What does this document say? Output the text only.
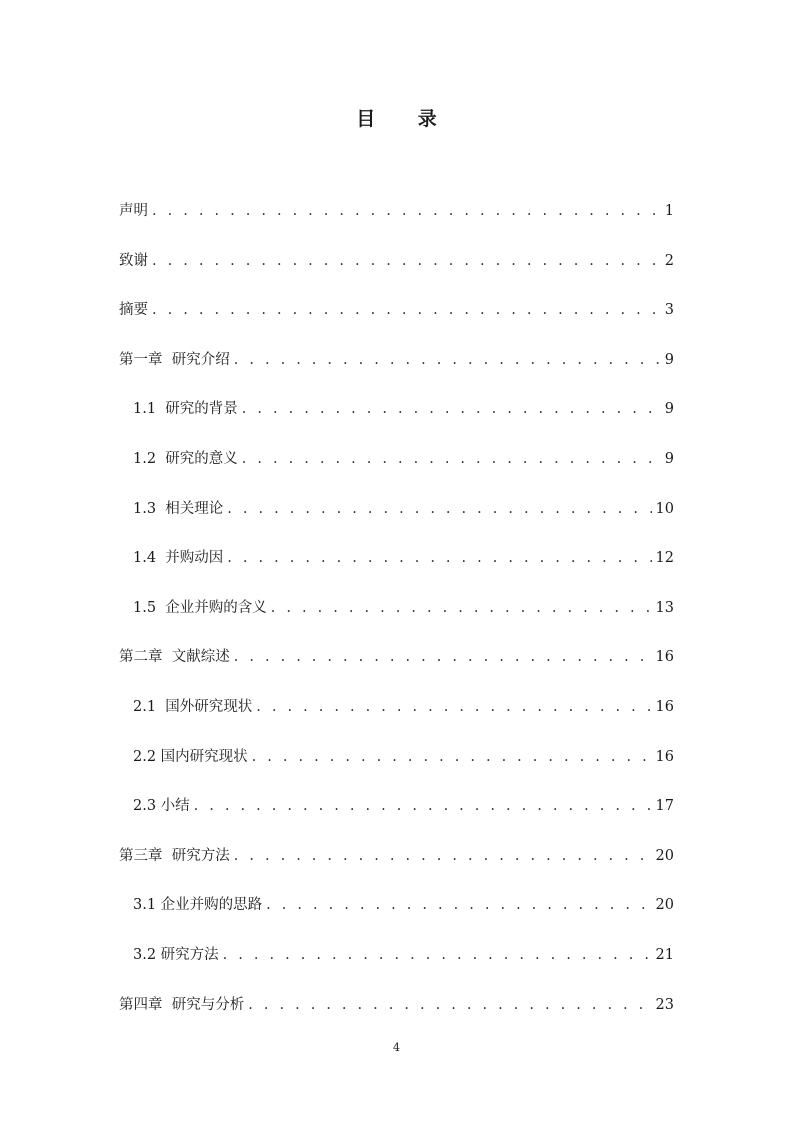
目 录
声明 . . .	1
致谢 . . .	2
摘要 . . .	3
第一章  研究介绍 . . .	9
1.1  研究的背景 . . .	9
1.2  研究的意义 . . .	9
1.3  相关理论 . . .	10
1.4  并购动因 . . .	12
1.5  企业并购的含义 . . .	13
第二章  文献综述 . . .	16
2.1  国外研究现状 . . .	16
2.2 国内研究现状 . . .	16
2.3 小结 . . .	17
第三章  研究方法 . . .	20
3.1 企业并购的思路 . . .	20
3.2 研究方法 . . .	21
第四章  研究与分析 . . .	23
4
